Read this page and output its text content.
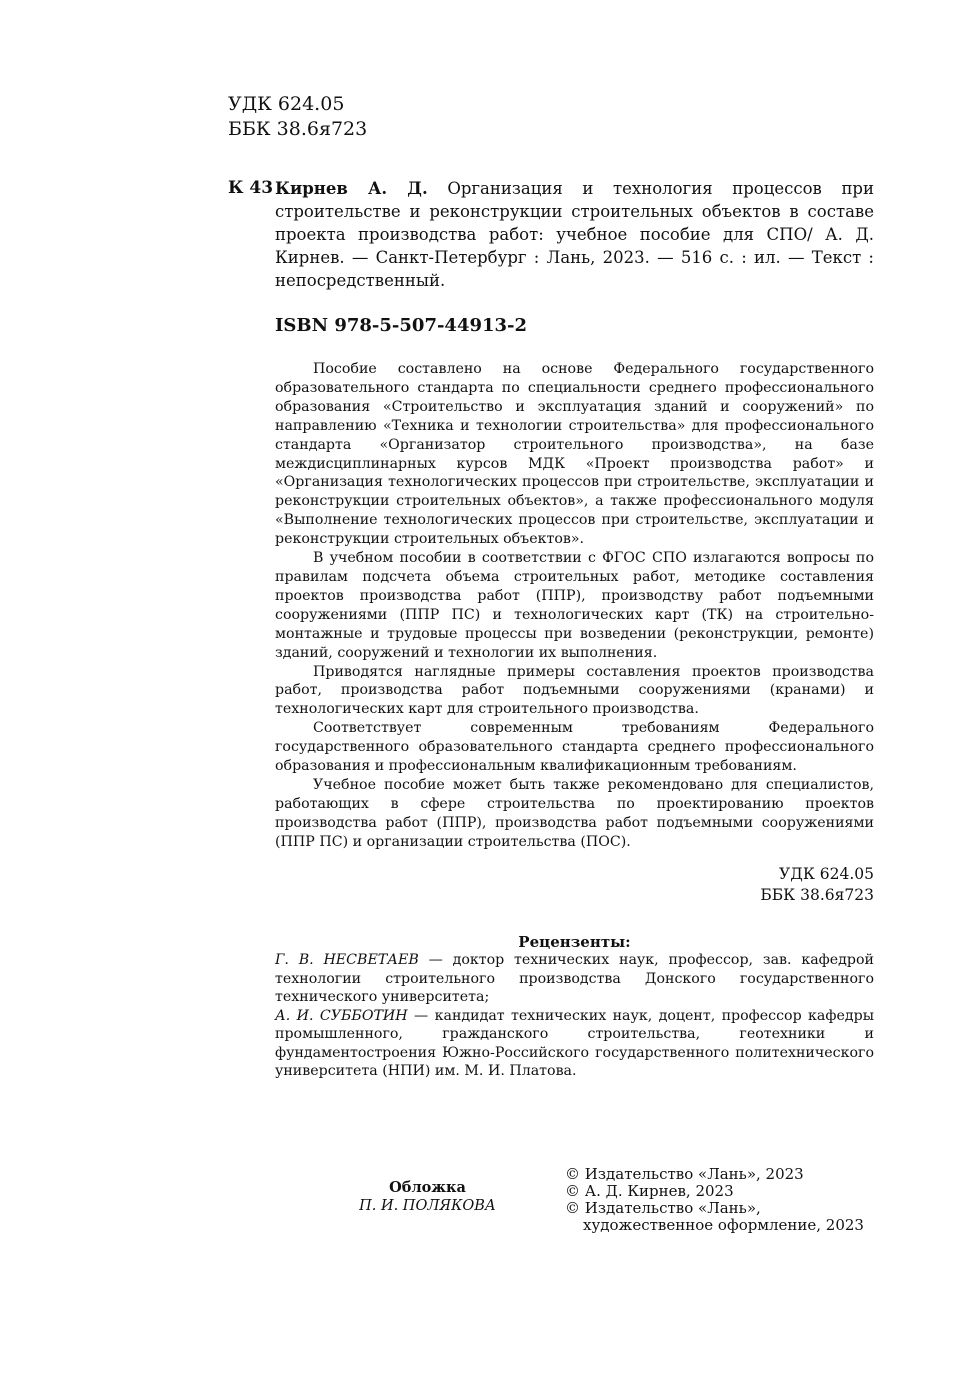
УДК 624.05
ББК 38.6я723
К 43 Кирнев А. Д. Организация и технология процессов при строительстве и реконструкции строительных объектов в составе проекта производства работ: учебное пособие для СПО/ А. Д. Кирнев. — Санкт-Петербург : Лань, 2023. — 516 с. : ил. — Текст : непосредственный.
ISBN 978-5-507-44913-2

Пособие составлено на основе Федерального государственного образовательного стандарта по специальности среднего профессионального образования «Строительство и эксплуатация зданий и сооружений» по направлению «Техника и технологии строительства» для профессионального стандарта «Организатор строительного производства», на базе междисциплинарных курсов МДК «Проект производства работ» и «Организация технологических процессов при строительстве, эксплуатации и реконструкции строительных объектов», а также профессионального модуля «Выполнение технологических процессов при строительстве, эксплуатации и реконструкции строительных объектов».

В учебном пособии в соответствии с ФГОС СПО излагаются вопросы по правилам подсчета объема строительных работ, методике составления проектов производства работ (ППР), производству работ подъемными сооружениями (ППР ПС) и технологических карт (ТК) на строительно-монтажные и трудовые процессы при возведении (реконструкции, ремонте) зданий, сооружений и технологии их выполнения.

Приводятся наглядные примеры составления проектов производства работ, производства работ подъемными сооружениями (кранами) и технологических карт для строительного производства.

Соответствует современным требованиям Федерального государственного образовательного стандарта среднего профессионального образования и профессиональным квалификационным требованиям.

Учебное пособие может быть также рекомендовано для специалистов, работающих в сфере строительства по проектированию проектов производства работ (ППР), производства работ подъемными сооружениями (ППР ПС) и организации строительства (ПОС).

УДК 624.05
ББК 38.6я723
Рецензенты:

Г. В. НЕСВЕТАЕВ — доктор технических наук, профессор, зав. кафедрой технологии строительного производства Донского государственного технического университета;

А. И. СУББОТИН — кандидат технических наук, доцент, профессор кафедры промышленного, гражданского строительства, геотехники и фундаментостроения Южно-Российского государственного политехнического университета (НПИ) им. М. И. Платова.

Обложка
П. И. ПОЛЯКОВА
© Издательство «Лань», 2023
© А. Д. Кирнев, 2023
© Издательство «Лань»,
художественное оформление, 2023
